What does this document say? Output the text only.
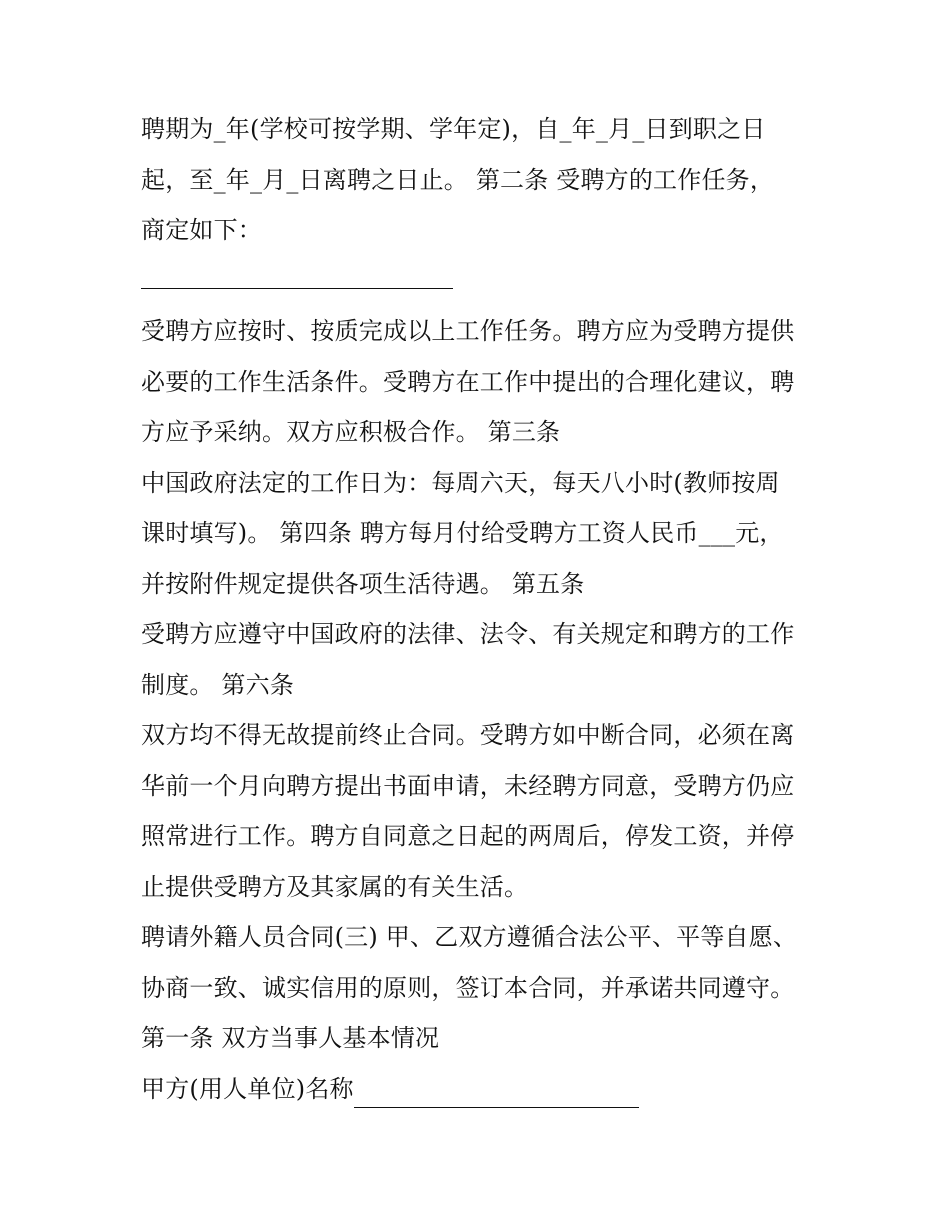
聘期为_年(学校可按学期、学年定)，自_年_月_日到职之日
起，至_年_月_日离聘之日止。 第二条 受聘方的工作任务，
商定如下：
受聘方应按时、按质完成以上工作任务。聘方应为受聘方提供
必要的工作生活条件。受聘方在工作中提出的合理化建议，聘
方应予采纳。双方应积极合作。 第三条
中国政府法定的工作日为：每周六天，每天八小时(教师按周
课时填写)。 第四条 聘方每月付给受聘方工资人民币___元，
并按附件规定提供各项生活待遇。 第五条
受聘方应遵守中国政府的法律、法令、有关规定和聘方的工作
制度。 第六条
双方均不得无故提前终止合同。受聘方如中断合同，必须在离
华前一个月向聘方提出书面申请，未经聘方同意，受聘方仍应
照常进行工作。聘方自同意之日起的两周后，停发工资，并停
止提供受聘方及其家属的有关生活。
聘请外籍人员合同(三) 甲、乙双方遵循合法公平、平等自愿、
协商一致、诚实信用的原则，签订本合同，并承诺共同遵守。
第一条 双方当事人基本情况
甲方(用人单位)名称
